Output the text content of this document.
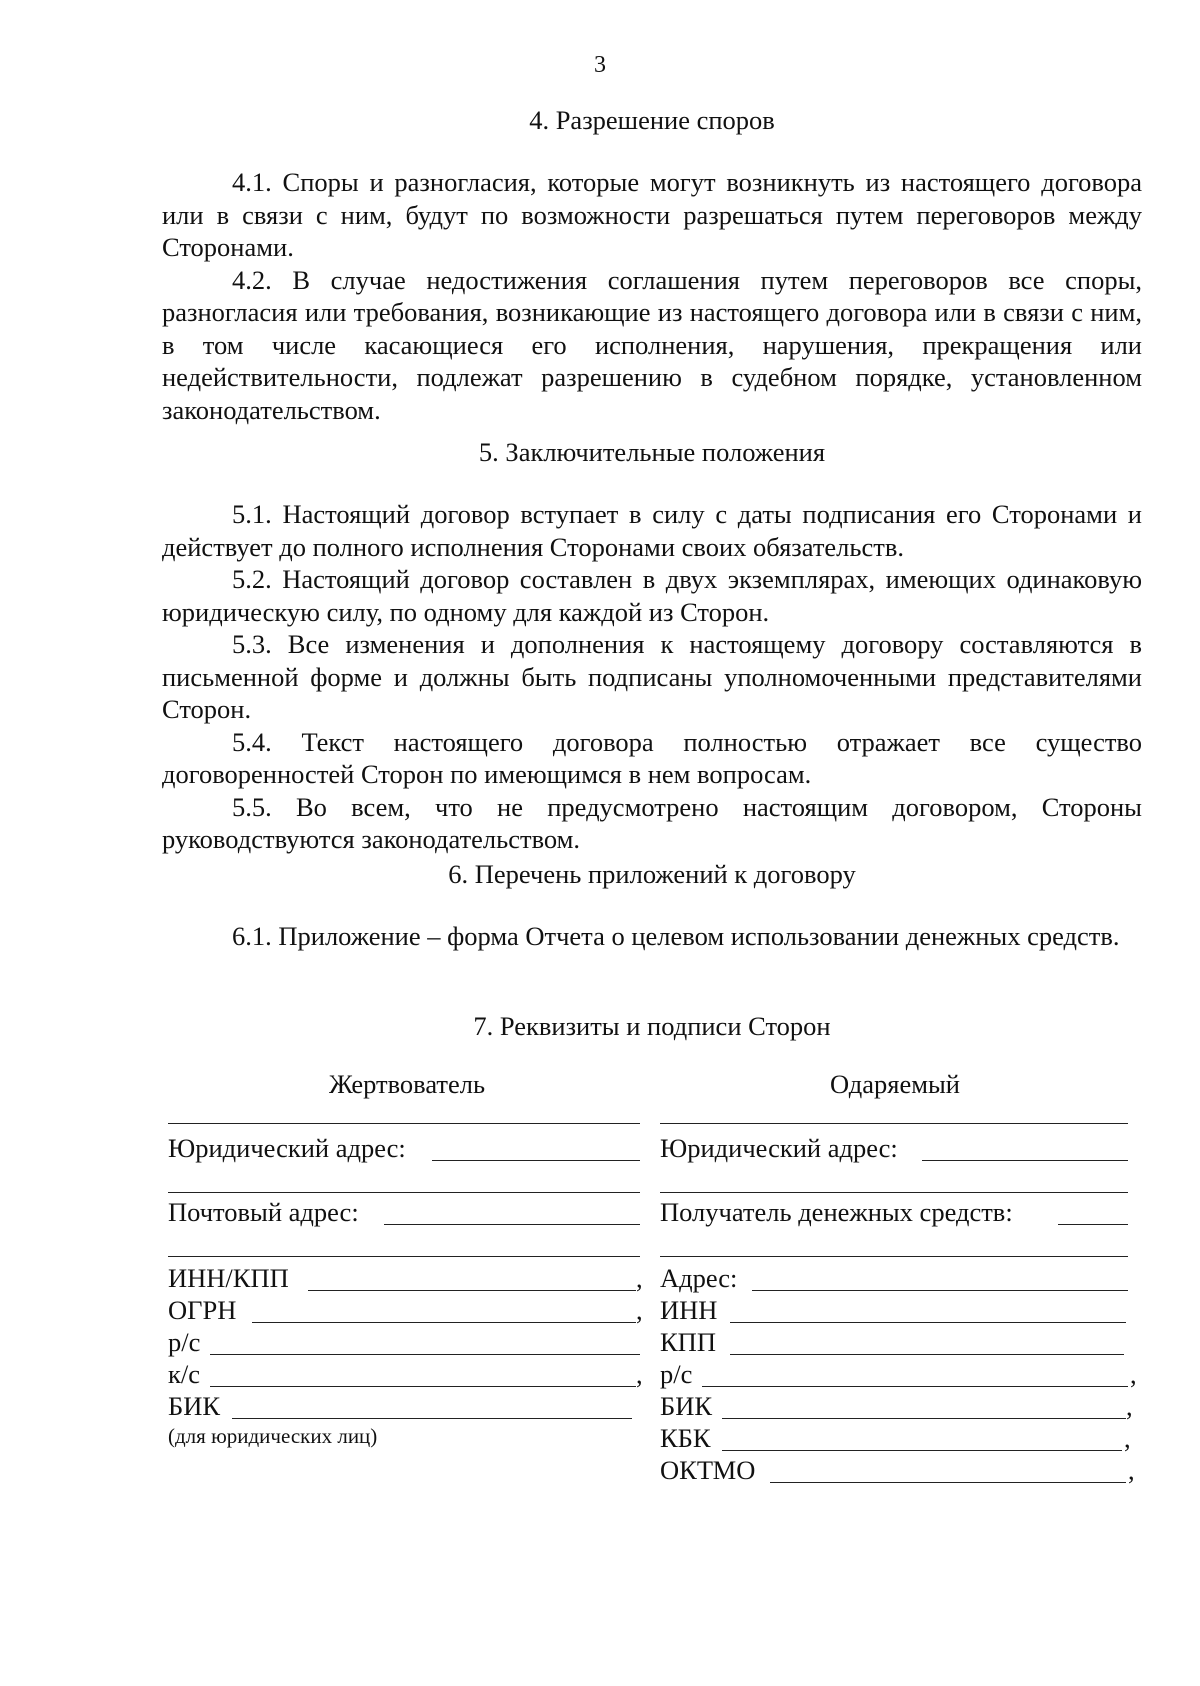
3
4. Разрешение споров

4.1. Споры и разногласия, которые могут возникнуть из настоящего договора или в связи с ним, будут по возможности разрешаться путем переговоров между Сторонами.

4.2. В случае недостижения соглашения путем переговоров все споры, разногласия или требования, возникающие из настоящего договора или в связи с ним, в том числе касающиеся его исполнения, нарушения, прекращения или недействительности, подлежат разрешению в судебном порядке, установленном законодательством.

5. Заключительные положения

5.1. Настоящий договор вступает в силу с даты подписания его Сторонами и действует до полного исполнения Сторонами своих обязательств.

5.2. Настоящий договор составлен в двух экземплярах, имеющих одинаковую юридическую силу, по одному для каждой из Сторон.

5.3. Все изменения и дополнения к настоящему договору составляются в письменной форме и должны быть подписаны уполномоченными представителями Сторон.

5.4. Текст настоящего договора полностью отражает все существо договоренностей Сторон по имеющимся в нем вопросам.

5.5. Во всем, что не предусмотрено настоящим договором, Стороны руководствуются законодательством.

6. Перечень приложений к договору

6.1. Приложение – форма Отчета о целевом использовании денежных средств.

7. Реквизиты и подписи Сторон
Жертвователь
Юридический адрес:
Почтовый адрес:
ИНН/КПП	,
ОГРН	,
р/с
к/с	,
БИК
(для юридических лиц)
Одаряемый
Юридический адрес:
Получатель денежных средств:
Адрес:
ИНН
КПП
р/с	,
БИК	,
КБК	,
ОКТМО	,
